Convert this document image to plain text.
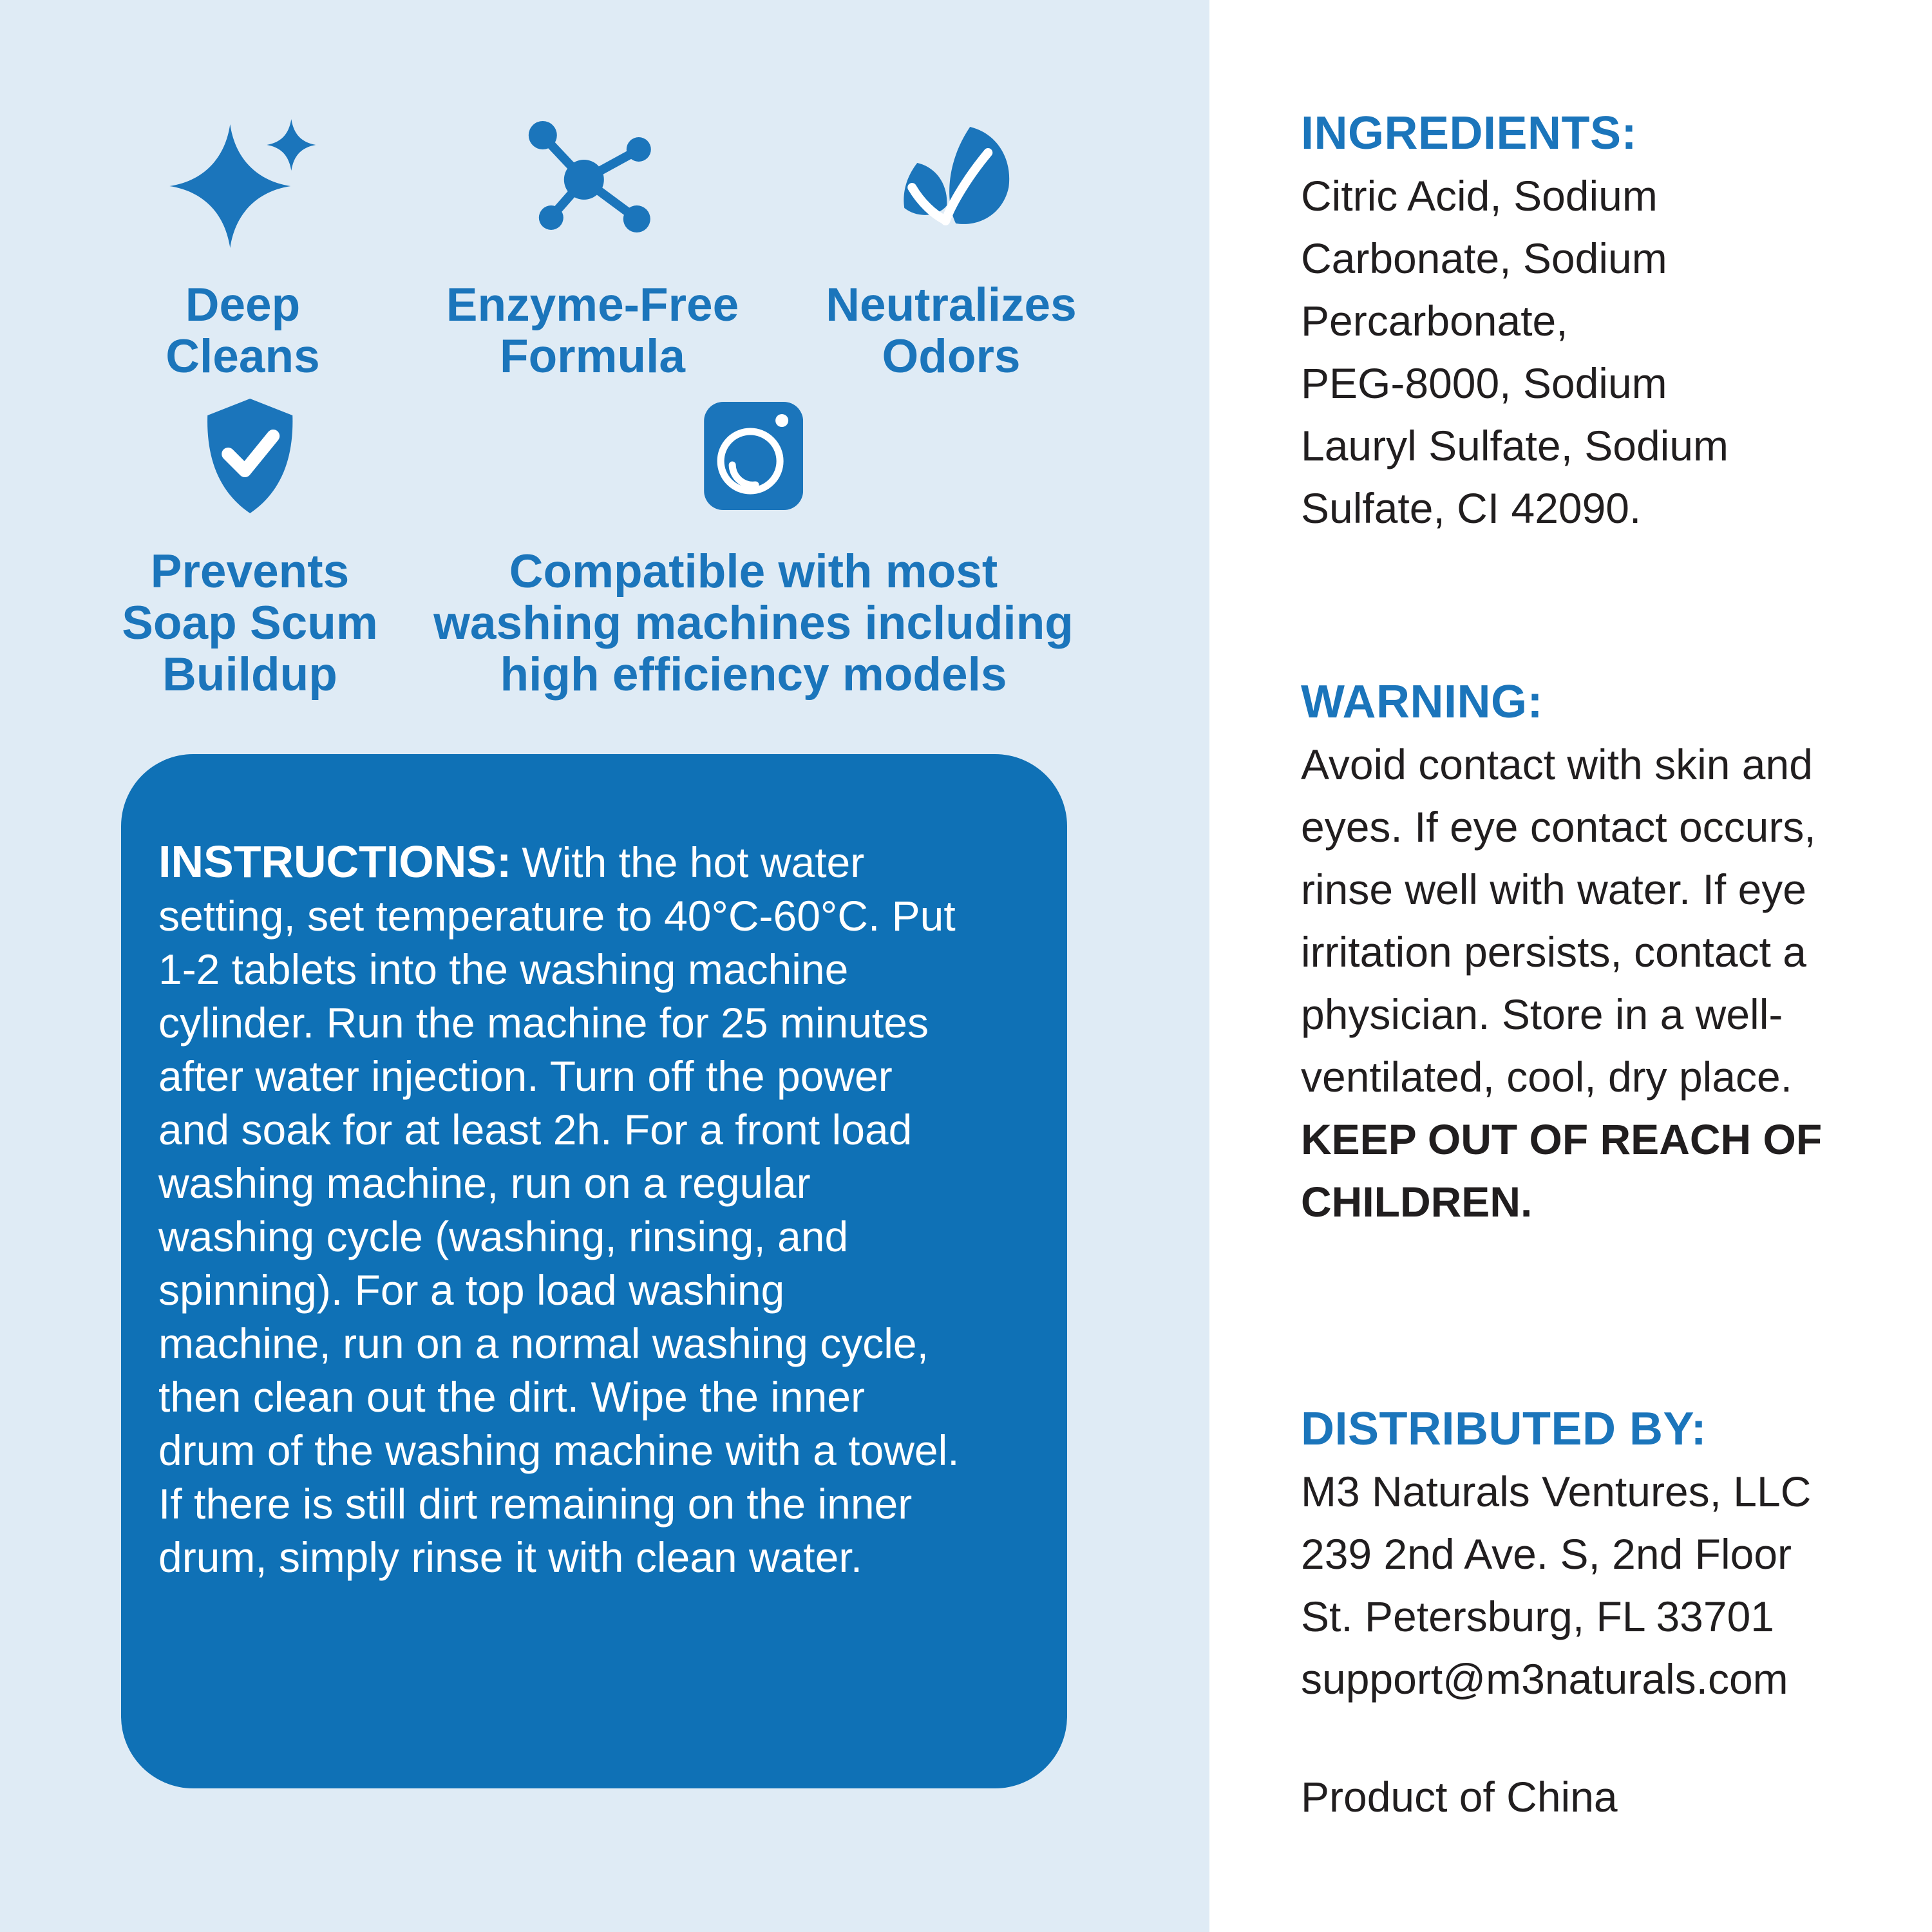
Deep
Cleans
Enzyme-Free
Formula
Neutralizes
Odors
Prevents
Soap Scum
Buildup
Compatible with most
washing machines including
high efficiency models

INSTRUCTIONS: With the hot water setting, set temperature to 40°C-60°C. Put 1-2 tablets into the washing machine cylinder. Run the machine for 25 minutes after water injection. Turn off the power and soak for at least 2h. For a front load washing machine, run on a regular washing cycle (washing, rinsing, and spinning). For a top load washing machine, run on a normal washing cycle, then clean out the dirt. Wipe the inner drum of the washing machine with a towel. If there is still dirt remaining on the inner drum, simply rinse it with clean water.

INGREDIENTS:
Citric Acid, Sodium
Carbonate, Sodium
Percarbonate,
PEG-8000, Sodium
Lauryl Sulfate, Sodium
Sulfate, CI 42090.
WARNING:
Avoid contact with skin and eyes. If eye contact occurs, rinse well with water. If eye irritation persists, contact a physician. Store in a well-ventilated, cool, dry place. KEEP OUT OF REACH OF CHILDREN.
DISTRIBUTED BY:
M3 Naturals Ventures, LLC
239 2nd Ave. S, 2nd Floor
St. Petersburg, FL 33701
support@m3naturals.com
Product of China
